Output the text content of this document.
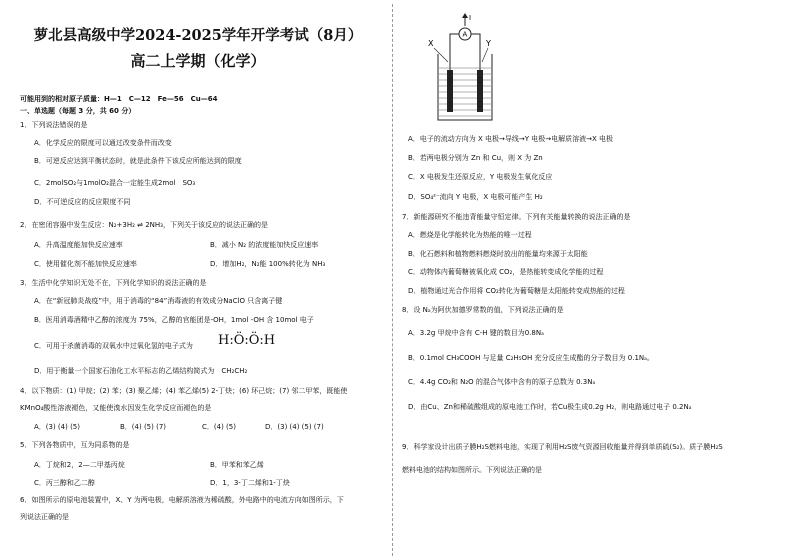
萝北县高级中学2024-2025学年开学考试（8月）
高二上学期（化学）
可能用到的相对原子质量：H—1　C—12　Fe—56　Cu—64
一、单选题（每题 3 分，共 60 分）
1．下列说法错误的是
A．化学反应的限度可以通过改变条件而改变
B．可逆反应达到平衡状态时，就是此条件下该反应所能达到的限度
C．2molSO₂与1molO₂混合一定能生成2mol　SO₃
D．不可逆反应的反应限度不同
2．在密闭容器中发生反应：N₂+3H₂ ⇌ 2NH₃，下列关于该反应的说法正确的是
A．升高温度能加快反应速率	B．减小 N₂ 的浓度能加快反应速率
C．使用催化剂不能加快反应速率	D．增加H₂，N₂能 100%转化为 NH₃
3．生活中化学知识无处不在，下列化学知识的说法正确的是
A．在“新冠肺炎战疫”中，用于消毒的“84”消毒液的有效成分NaClO 只含离子键
B．医用消毒酒精中乙醇的浓度为 75%，乙醇的官能团是-OH，1mol -OH 含 10mol 电子
C．可用于杀菌消毒的双氧水中过氧化氢的电子式为 H:Ö:Ö:H
D．用于衡量一个国家石油化工水平标志的乙烯结构简式为　CH₂CH₂
4．以下物质：(1) 甲烷；(2) 苯；(3) 聚乙烯；(4) 苯乙烯(5) 2-丁炔；(6) 环己烷；(7) 邻二甲苯，既能使
KMnO₄酸性溶液褪色，又能使溴水因发生化学反应而褪色的是
A．(3) (4) (5)	B．(4) (5) (7)	C．(4) (5)	D．(3) (4) (5) (7)
5．下列各物质中，互为同系物的是
A．丁烷和2，2—二甲基丙烷	B．甲苯和苯乙烯
C．丙三醇和乙二醇	D．1，3-丁二烯和1-丁炔
6．如图所示的原电池装置中，X、Y 为两电极，电解质溶液为稀硫酸，外电路中的电流方向如图所示，下
列说法正确的是
I
A
X	Y
A．电子的流动方向为 X 电极→导线→Y 电极→电解质溶液→X 电极
B．若两电极分别为 Zn 和 Cu，则 X 为 Zn
C．X 电极发生还原反应，Y 电极发生氧化反应
D．SO₄²⁻流向 Y 电极，X 电极可能产生 H₂
7．新能源研究不能违背能量守恒定律。下列有关能量转换的说法正确的是
A．燃烧是化学能转化为热能的唯一过程
B．化石燃料和植物燃料燃烧时放出的能量均来源于太阳能
C．动物体内葡萄糖被氧化成 CO₂，是热能转变成化学能的过程
D．植物通过光合作用将 CO₂转化为葡萄糖是太阳能转变成热能的过程
8．设 Nₐ为阿伏加德罗常数的值，下列说法正确的是
A．3.2g 甲烷中含有 C-H 键的数目为0.8Nₐ
B．0.1mol CH₃COOH 与足量 C₂H₅OH 充分反应生成酯的分子数目为 0.1Nₐ。
C．4.4g CO₂和 N₂O 的混合气体中含有的原子总数为 0.3Nₐ
D．由Cu、Zn和稀硫酸组成的原电池工作时，若Cu极生成0.2g H₂，则电路通过电子 0.2Nₐ
9．科学家设计出质子膜H₂S燃料电池，实现了利用H₂S废气资源回收能量并得到单质硫(S₂)。质子膜H₂S
燃料电池的结构如图所示。下列说法正确的是
